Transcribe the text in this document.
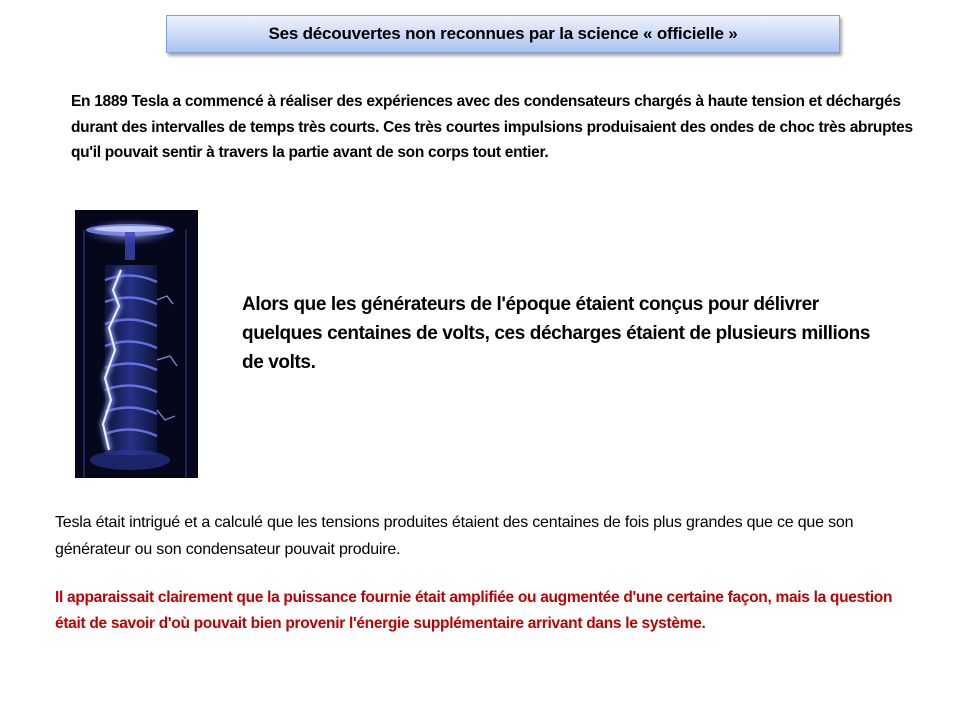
Ses découvertes non reconnues par la science « officielle »

En 1889 Tesla a commencé à réaliser des expériences avec des condensateurs chargés à haute tension et déchargés durant des intervalles de temps très courts. Ces très courtes impulsions produisaient des ondes de choc très abruptes qu'il pouvait sentir à travers la partie avant de son corps tout entier.

Alors que les générateurs de l'époque étaient conçus pour délivrer quelques centaines de volts, ces décharges étaient de plusieurs millions de volts.

Tesla était intrigué et a calculé que les tensions produites étaient des centaines de fois plus grandes que ce que son générateur ou son condensateur pouvait produire.

Il apparaissait clairement que la puissance fournie était amplifiée ou augmentée d'une certaine façon, mais la question était de savoir d'où pouvait bien provenir l'énergie supplémentaire arrivant dans le système.
